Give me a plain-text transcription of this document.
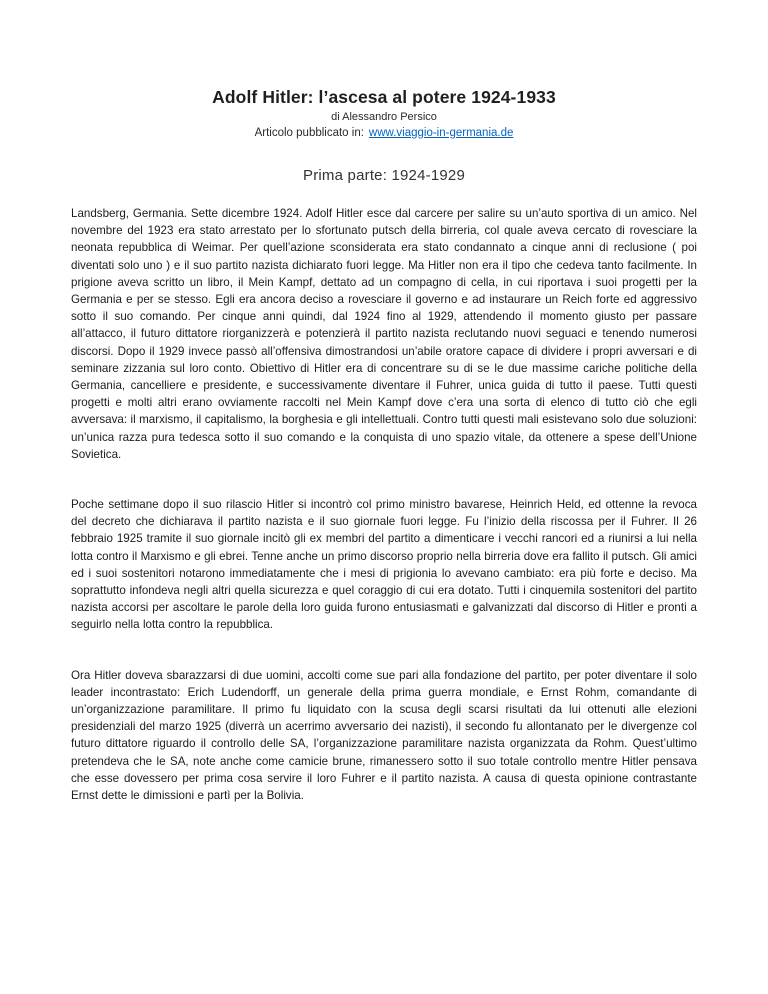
Adolf Hitler: l’ascesa al potere 1924-1933
di Alessandro Persico
Articolo pubblicato in: www.viaggio-in-germania.de
Prima parte: 1924-1929

Landsberg, Germania. Sette dicembre 1924. Adolf Hitler esce dal carcere per salire su un’auto sportiva di un amico. Nel novembre del 1923 era stato arrestato per lo sfortunato putsch della birreria, col quale aveva cercato di rovesciare la neonata repubblica di Weimar. Per quell’azione sconsiderata era stato condannato a cinque anni di reclusione ( poi diventati solo uno ) e il suo partito nazista dichiarato fuori legge. Ma Hitler non era il tipo che cedeva tanto facilmente. In prigione aveva scritto un libro, il Mein Kampf, dettato ad un compagno di cella, in cui riportava i suoi progetti per la Germania e per se stesso. Egli era ancora deciso a rovesciare il governo e ad instaurare un Reich forte ed aggressivo sotto il suo comando. Per cinque anni quindi, dal 1924 fino al 1929, attendendo il momento giusto per passare all’attacco, il futuro dittatore riorganizzerà e potenzierà il partito nazista reclutando nuovi seguaci e tenendo numerosi discorsi. Dopo il 1929 invece passò all’offensiva dimostrandosi un’abile oratore capace di dividere i propri avversari e di seminare zizzania sul loro conto. Obiettivo di Hitler era di concentrare su di se le due massime cariche politiche della Germania, cancelliere e presidente, e successivamente diventare il Fuhrer, unica guida di tutto il paese. Tutti questi progetti e molti altri erano ovviamente raccolti nel Mein Kampf dove c’era una sorta di elenco di tutto ciò che egli avversava: il marxismo, il capitalismo, la borghesia e gli intellettuali. Contro tutti questi mali esistevano solo due soluzioni: un’unica razza pura tedesca sotto il suo comando e la conquista di uno spazio vitale, da ottenere a spese dell’Unione Sovietica.

Poche settimane dopo il suo rilascio Hitler si incontrò col primo ministro bavarese, Heinrich Held, ed ottenne la revoca del decreto che dichiarava il partito nazista e il suo giornale fuori legge. Fu l’inizio della riscossa per il Fuhrer. Il 26 febbraio 1925 tramite il suo giornale incitò gli ex membri del partito a dimenticare i vecchi rancori ed a riunirsi a lui nella lotta contro il Marxismo e gli ebrei. Tenne anche un primo discorso proprio nella birreria dove era fallito il putsch. Gli amici ed i suoi sostenitori notarono immediatamente che i mesi di prigionia lo avevano cambiato: era più forte e deciso. Ma soprattutto infondeva negli altri quella sicurezza e quel coraggio di cui era dotato. Tutti i cinquemila sostenitori del partito nazista accorsi per ascoltare le parole della loro guida furono entusiasmati e galvanizzati dal discorso di Hitler e pronti a seguirlo nella lotta contro la repubblica.

Ora Hitler doveva sbarazzarsi di due uomini, accolti come sue pari alla fondazione del partito, per poter diventare il solo leader incontrastato: Erich Ludendorff, un generale della prima guerra mondiale, e Ernst Rohm, comandante di un’organizzazione paramilitare. Il primo fu liquidato con la scusa degli scarsi risultati da lui ottenuti alle elezioni presidenziali del marzo 1925 (diverrà un acerrimo avversario dei nazisti), il secondo fu allontanato per le divergenze col futuro dittatore riguardo il controllo delle SA, l’organizzazione paramilitare nazista organizzata da Rohm. Quest’ultimo pretendeva che le SA, note anche come camicie brune, rimanessero sotto il suo totale controllo mentre Hitler pensava che esse dovessero per prima cosa servire il loro Fuhrer e il partito nazista. A causa di questa opinione contrastante Ernst dette le dimissioni e partì per la Bolivia.
